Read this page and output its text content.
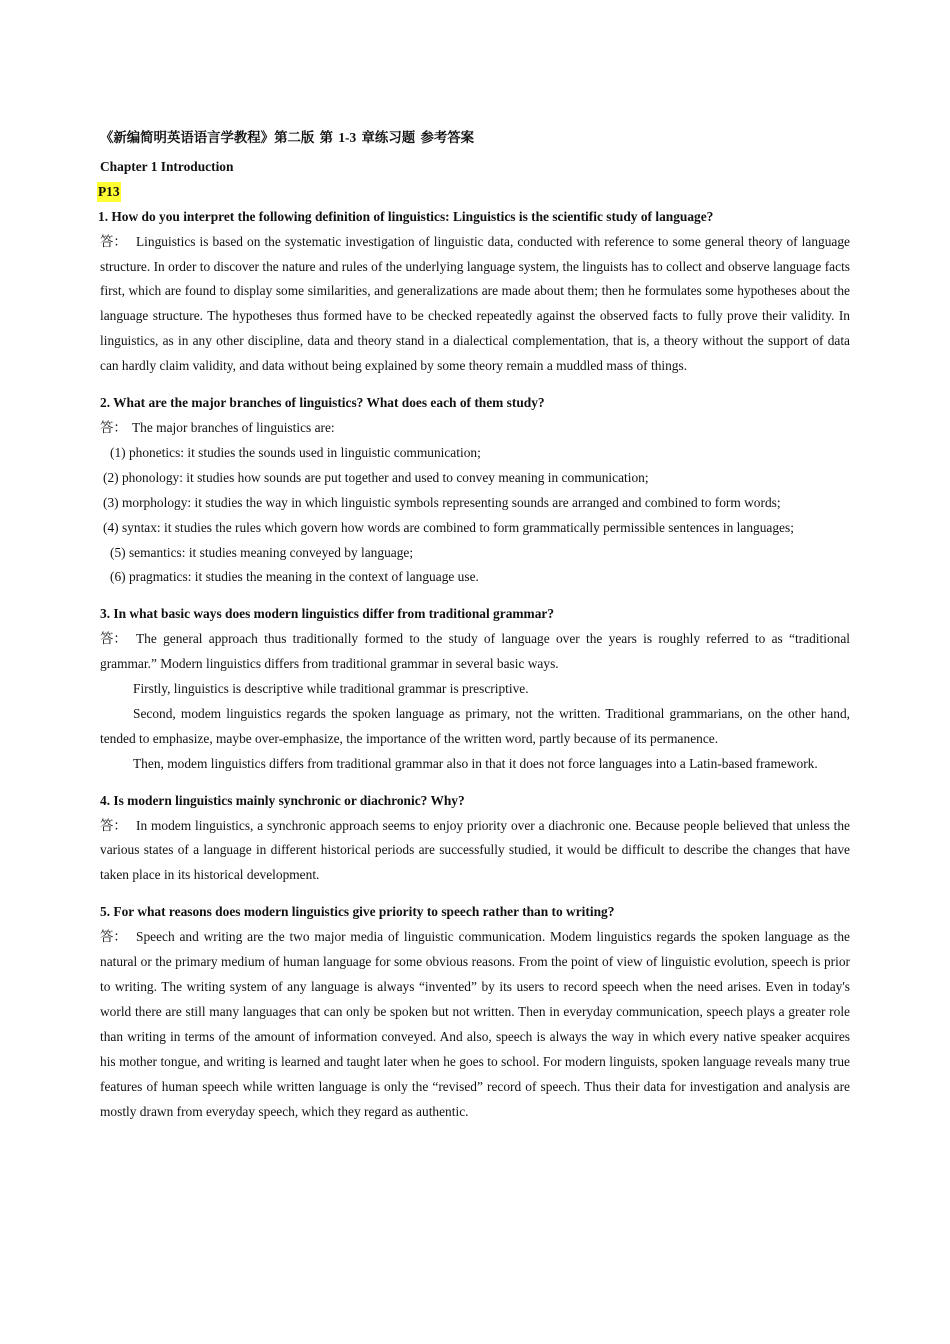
《新编简明英语语言学教程》第二版 第 1-3 章练习题 参考答案
Chapter 1 Introduction
P13
1. How do you interpret the following definition of linguistics: Linguistics is the scientific study of language?
答： Linguistics is based on the systematic investigation of linguistic data, conducted with reference to some general theory of language structure. In order to discover the nature and rules of the underlying language system, the linguists has to collect and observe language facts first, which are found to display some similarities, and generalizations are made about them; then he formulates some hypotheses about the language structure. The hypotheses thus formed have to be checked repeatedly against the observed facts to fully prove their validity. In linguistics, as in any other discipline, data and theory stand in a dialectical complementation, that is, a theory without the support of data can hardly claim validity, and data without being explained by some theory remain a muddled mass of things.
2. What are the major branches of linguistics? What does each of them study?
答： The major branches of linguistics are:
(1) phonetics: it studies the sounds used in linguistic communication;
(2) phonology: it studies how sounds are put together and used to convey meaning in communication;
(3) morphology: it studies the way in which linguistic symbols representing sounds are arranged and combined to form words;
(4) syntax: it studies the rules which govern how words are combined to form grammatically permissible sentences in languages;
(5) semantics: it studies meaning conveyed by language;
(6) pragmatics: it studies the meaning in the context of language use.
3. In what basic ways does modern linguistics differ from traditional grammar?
答： The general approach thus traditionally formed to the study of language over the years is roughly referred to as “traditional grammar.” Modern linguistics differs from traditional grammar in several basic ways.
Firstly, linguistics is descriptive while traditional grammar is prescriptive.
Second, modem linguistics regards the spoken language as primary, not the written. Traditional grammarians, on the other hand, tended to emphasize, maybe over-emphasize, the importance of the written word, partly because of its permanence.
Then, modem linguistics differs from traditional grammar also in that it does not force languages into a Latin-based framework.
4. Is modern linguistics mainly synchronic or diachronic? Why?
答： In modem linguistics, a synchronic approach seems to enjoy priority over a diachronic one. Because people believed that unless the various states of a language in different historical periods are successfully studied, it would be difficult to describe the changes that have taken place in its historical development.
5. For what reasons does modern linguistics give priority to speech rather than to writing?
答： Speech and writing are the two major media of linguistic communication. Modem linguistics regards the spoken language as the natural or the primary medium of human language for some obvious reasons. From the point of view of linguistic evolution, speech is prior to writing. The writing system of any language is always “invented” by its users to record speech when the need arises. Even in today's world there are still many languages that can only be spoken but not written. Then in everyday communication, speech plays a greater role than writing in terms of the amount of information conveyed. And also, speech is always the way in which every native speaker acquires his mother tongue, and writing is learned and taught later when he goes to school. For modern linguists, spoken language reveals many true features of human speech while written language is only the “revised” record of speech. Thus their data for investigation and analysis are mostly drawn from everyday speech, which they regard as authentic.
